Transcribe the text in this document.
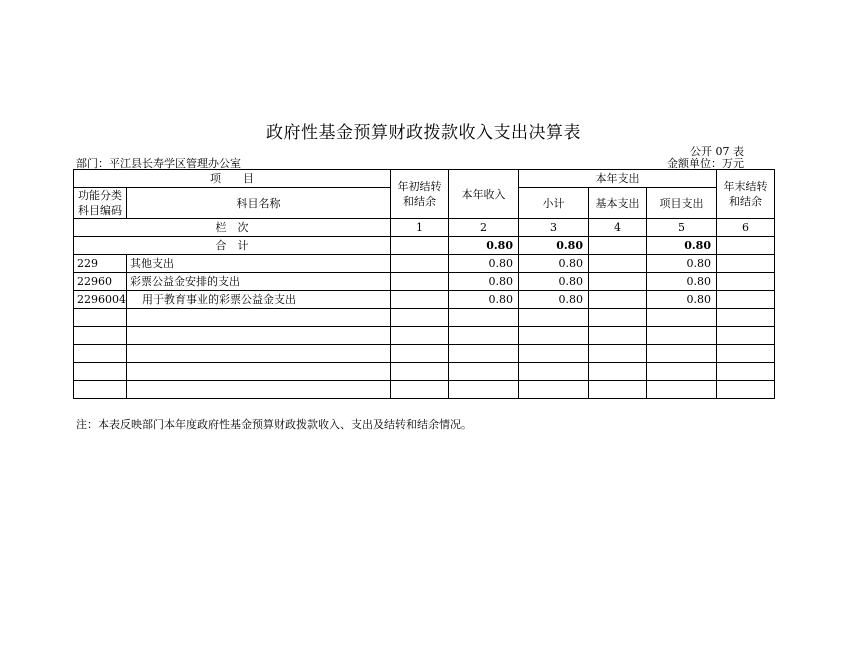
政府性基金预算财政拨款收入支出决算表
公开 07 表
部门：平江县长寿学区管理办公室	金额单位：万元
项　　目		年初结转和结余	本年收入	本年支出			年末结转和结余
功能分类科目编码	科目名称			小计	基本支出	项目支出	

栏　次		1	2	3	4	5	6
合　计			0.80	0.80		0.80	
229	其他支出		0.80	0.80		0.80	
22960	彩票公益金安排的支出		0.80	0.80		0.80	
2296004	用于教育事业的彩票公益金支出		0.80	0.80		0.80	

注：本表反映部门本年度政府性基金预算财政拨款收入、支出及结转和结余情况。
